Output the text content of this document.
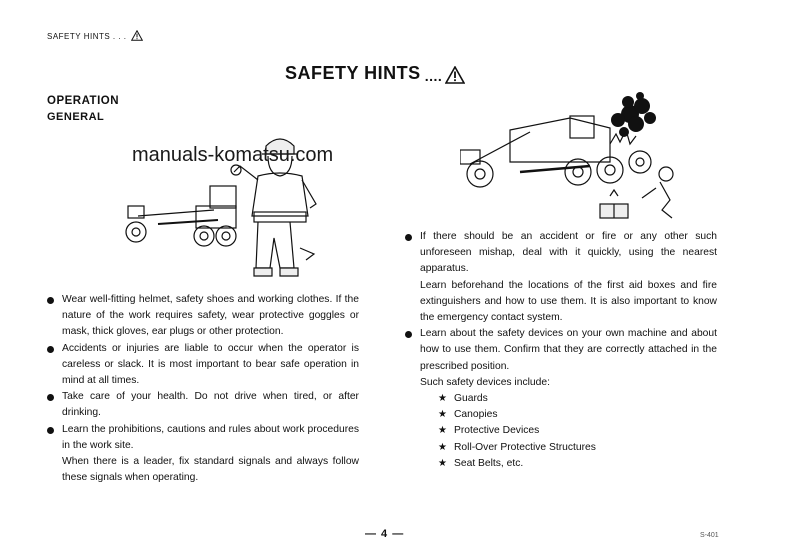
SAFETY HINTS . . .
SAFETY HINTS ....
OPERATION
GENERAL
manuals-komatsu.com

Wear well-fitting helmet, safety shoes and working clothes. If the nature of the work requires safety, wear protective goggles or mask, thick gloves, ear plugs or other protection.

Accidents or injuries are liable to occur when the operator is careless or slack. It is most important to bear safe operation in mind at all times.

Take care of your health. Do not drive when tired, or after drinking.

Learn the prohibitions, cautions and rules about work procedures in the work site.

When there is a leader, fix standard signals and always follow these signals when operating.

If there should be an accident or fire or any other such unforeseen mishap, deal with it quickly, using the nearest apparatus.

Learn beforehand the locations of the first aid boxes and fire extinguishers and how to use them. It is also important to know the emergency contact system.

Learn about the safety devices on your own machine and about how to use them. Confirm that they are correctly attached in the prescribed position.

Such safety devices include:

★ Guards
★ Canopies
★ Protective Devices
★ Roll-Over Protective Structures
★ Seat Belts, etc.
— 4 —	S-401
